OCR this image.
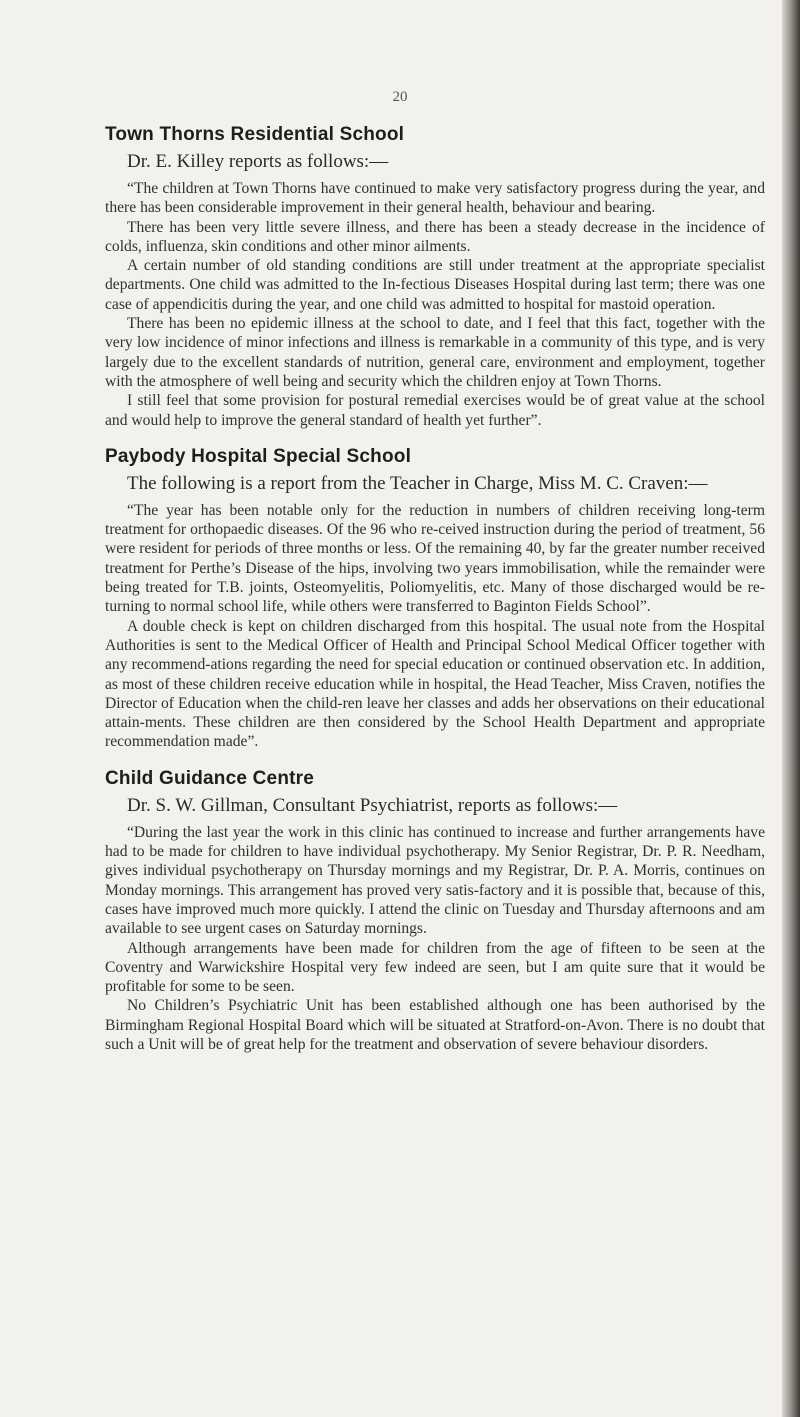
20
Town Thorns Residential School
Dr. E. Killey reports as follows:—

“The children at Town Thorns have continued to make very satisfactory progress during the year, and there has been considerable improvement in their general health, behaviour and bearing.

There has been very little severe illness, and there has been a steady decrease in the incidence of colds, influenza, skin conditions and other minor ailments.

A certain number of old standing conditions are still under treatment at the appropriate specialist departments. One child was admitted to the In-fectious Diseases Hospital during last term; there was one case of appendicitis during the year, and one child was admitted to hospital for mastoid operation.

There has been no epidemic illness at the school to date, and I feel that this fact, together with the very low incidence of minor infections and illness is remarkable in a community of this type, and is very largely due to the excellent standards of nutrition, general care, environment and employment, together with the atmosphere of well being and security which the children enjoy at Town Thorns.

I still feel that some provision for postural remedial exercises would be of great value at the school and would help to improve the general standard of health yet further”.

Paybody Hospital Special School
The following is a report from the Teacher in Charge, Miss M. C. Craven:—

“The year has been notable only for the reduction in numbers of children receiving long-term treatment for orthopaedic diseases. Of the 96 who re-ceived instruction during the period of treatment, 56 were resident for periods of three months or less. Of the remaining 40, by far the greater number received treatment for Perthe’s Disease of the hips, involving two years immobilisation, while the remainder were being treated for T.B. joints, Osteomyelitis, Poliomyelitis, etc. Many of those discharged would be re-turning to normal school life, while others were transferred to Baginton Fields School”.

A double check is kept on children discharged from this hospital. The usual note from the Hospital Authorities is sent to the Medical Officer of Health and Principal School Medical Officer together with any recommend-ations regarding the need for special education or continued observation etc. In addition, as most of these children receive education while in hospital, the Head Teacher, Miss Craven, notifies the Director of Education when the child-ren leave her classes and adds her observations on their educational attain-ments. These children are then considered by the School Health Department and appropriate recommendation made”.

Child Guidance Centre
Dr. S. W. Gillman, Consultant Psychiatrist, reports as follows:—

“During the last year the work in this clinic has continued to increase and further arrangements have had to be made for children to have individual psychotherapy. My Senior Registrar, Dr. P. R. Needham, gives individual psychotherapy on Thursday mornings and my Registrar, Dr. P. A. Morris, continues on Monday mornings. This arrangement has proved very satis-factory and it is possible that, because of this, cases have improved much more quickly. I attend the clinic on Tuesday and Thursday afternoons and am available to see urgent cases on Saturday mornings.

Although arrangements have been made for children from the age of fifteen to be seen at the Coventry and Warwickshire Hospital very few indeed are seen, but I am quite sure that it would be profitable for some to be seen.

No Children’s Psychiatric Unit has been established although one has been authorised by the Birmingham Regional Hospital Board which will be situated at Stratford-on-Avon. There is no doubt that such a Unit will be of great help for the treatment and observation of severe behaviour disorders.
